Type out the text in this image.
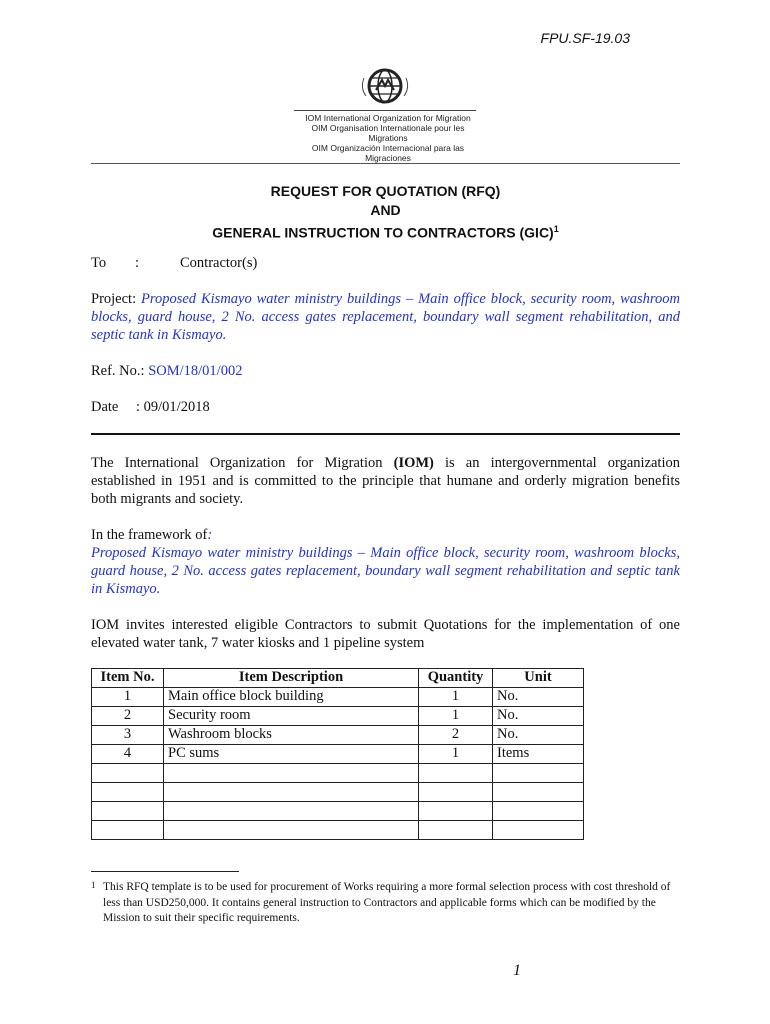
FPU.SF-19.03
IOM International Organization for Migration
OIM Organisation Internationale pour les Migrations
OIM Organización Internacional para las Migraciones
REQUEST FOR QUOTATION (RFQ)
AND
GENERAL INSTRUCTION TO CONTRACTORS (GIC)$^1$
To :	Contractor(s)
Project: Proposed Kismayo water ministry buildings – Main office block, security room, washroom blocks, guard house, 2 No. access gates replacement, boundary wall segment rehabilitation, and septic tank in Kismayo.
Ref. No.: SOM/18/01/002
Date : 09/01/2018
The International Organization for Migration (IOM) is an intergovernmental organization established in 1951 and is committed to the principle that humane and orderly migration benefits both migrants and society.
In the framework of:
Proposed Kismayo water ministry buildings – Main office block, security room, washroom blocks, guard house, 2 No. access gates replacement, boundary wall segment rehabilitation and septic tank in Kismayo.
IOM invites interested eligible Contractors to submit Quotations for the implementation of one elevated water tank, 7 water kiosks and 1 pipeline system
Item No.	Item Description	Quantity	Unit
1	Main office block building	1	No.
2	Security room	1	No.
3	Washroom blocks	2	No.
4	PC sums	1	Items

1 This RFQ template is to be used for procurement of Works requiring a more formal selection process with cost threshold of less than USD250,000. It contains general instruction to Contractors and applicable forms which can be modified by the Mission to suit their specific requirements.
1
